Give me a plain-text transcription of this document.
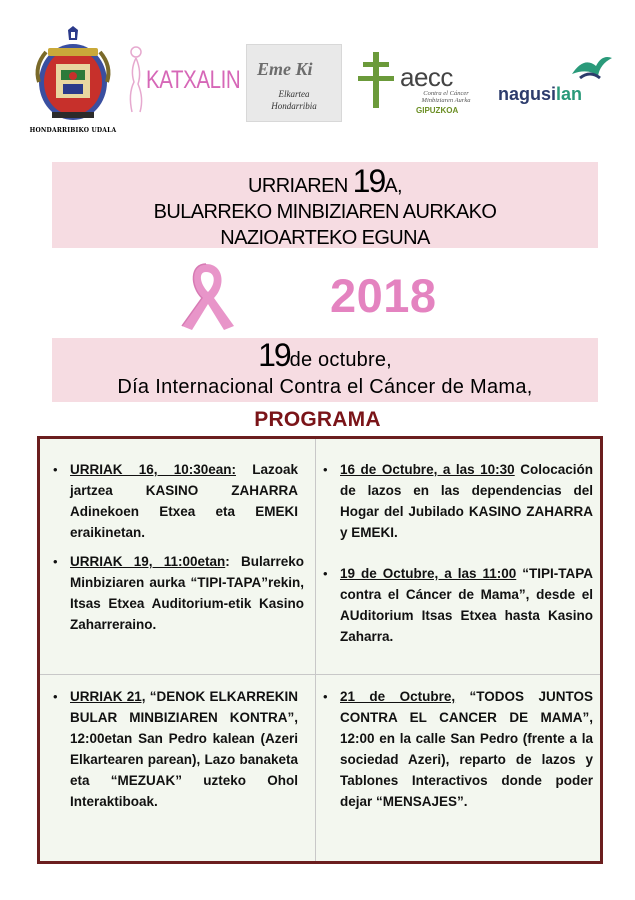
HONDARRIBIKO UDALA
KATXALIN Eme Ki
Elkartea
Hondarribia
aecc
Contra el Cáncer Minbiziaren Aurka
GIPUZKOA
nagusilan
URRIAREN 19A,
BULARREKO MINBIZIAREN AURKAKO
NAZIOARTEKO EGUNA
2018
19de octubre,
Día Internacional Contra el Cáncer de Mama,
PROGRAMA
• URRIAK 16, 10:30ean: Lazoak jartzea KASINO ZAHARRA Adinekoen Etxea eta EMEKI eraikinetan.
• URRIAK 19, 11:00etan: Bularreko Minbiziaren aurka “TIPI-TAPA”rekin, Itsas Etxea Auditorium-etik Kasino Zaharreraino.
• 16 de Octubre, a las 10:30 Colocación de lazos en las dependencias del Hogar del Jubilado KASINO ZAHARRA y EMEKI.
• 19 de Octubre, a las 11:00 “TIPI-TAPA contra el Cáncer de Mama”, desde el AUditorium Itsas Etxea hasta Kasino Zaharra.
• URRIAK 21, “DENOK ELKARREKIN BULAR MINBIZIAREN KONTRA”, 12:00etan San Pedro kalean (Azeri Elkartearen parean), Lazo banaketa eta “MEZUAK” uzteko Ohol Interaktiboak.
• 21 de Octubre, “TODOS JUNTOS CONTRA EL CANCER DE MAMA”, 12:00 en la calle San Pedro (frente a la sociedad Azeri), reparto de lazos y Tablones Interactivos donde poder dejar “MENSAJES”.
